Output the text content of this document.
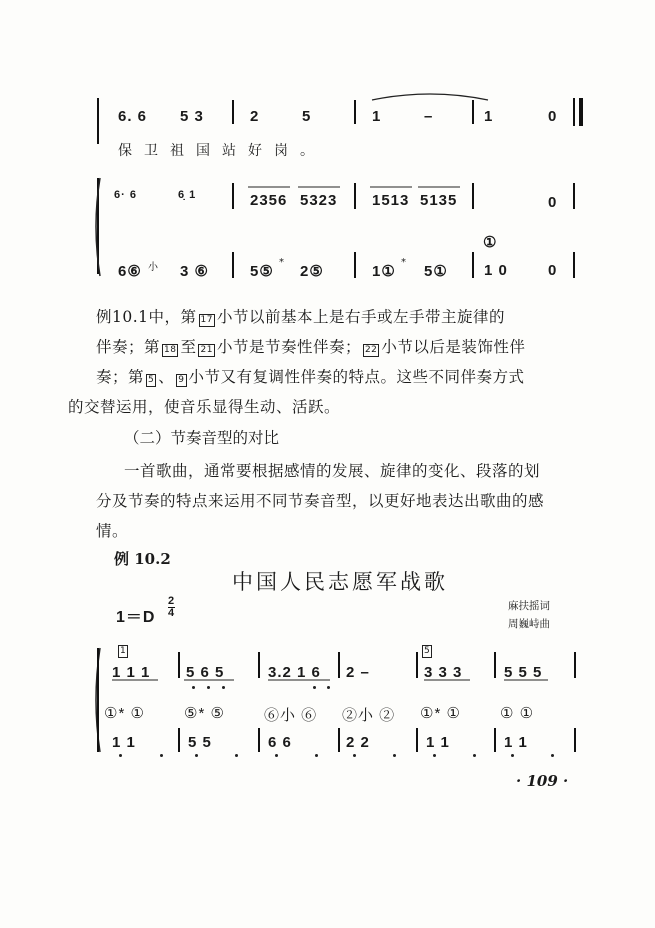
6. 6 5 3	2	5	1	–	1	0
保卫祖国站好岗。
6· 6	6̣ 1	2356 5323 1513 5135	0
6⑥ 小 3 ⑥	5⑤
*
2⑤	1①
*
5① 1 0	0
①
例10.1中，第 17 小节以前基本上是右手或左手带主旋律的
伴奏；第 18 至 21 小节是节奏性伴奏； 22 小节以后是装饰性伴
奏；第 5 、 9 小节又有复调性伴奏的特点。这些不同伴奏方式
的交替运用，使音乐显得生动、活跃。
（二）节奏音型的对比
一首歌曲，通常要根据感情的发展、旋律的变化、段落的划
分及节奏的特点来运用不同节奏音型，以更好地表达出歌曲的感
情。
例 10.2
中国人民志愿军战歌
1＝D
2
4
麻扶摇词
周巍峙曲
1	5
1 1 1 5 6 5	3.2 1 6 2 –	3 3 3	5 5 5
①* ①	⑤* ⑤	⑥小 ⑥ ②小 ② ①* ①	① ①
1 1	5 5	6 6	2 2	1 1	1 1
· 109 ·
